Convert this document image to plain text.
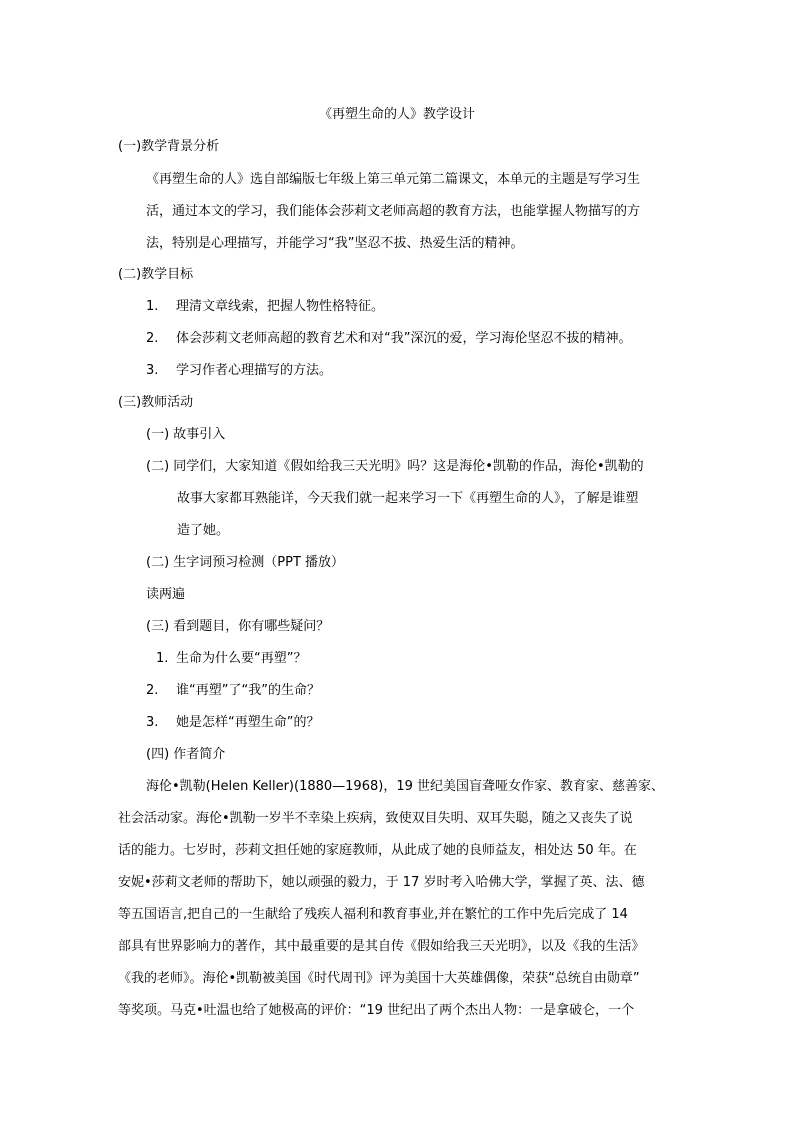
《再塑生命的人》教学设计
(一)教学背景分析
《再塑生命的人》选自部编版七年级上第三单元第二篇课文，本单元的主题是写学习生
活，通过本文的学习，我们能体会莎莉文老师高超的教育方法，也能掌握人物描写的方
法，特别是心理描写，并能学习“我”坚忍不拔、热爱生活的精神。
(二)教学目标
1. 理清文章线索，把握人物性格特征。
2. 体会莎莉文老师高超的教育艺术和对“我”深沉的爱，学习海伦坚忍不拔的精神。
3. 学习作者心理描写的方法。
(三)教师活动
(一) 故事引入
(二) 同学们，大家知道《假如给我三天光明》吗？这是海伦•凯勒的作品，海伦•凯勒的
故事大家都耳熟能详，今天我们就一起来学习一下《再塑生命的人》，了解是谁塑
造了她。
(二) 生字词预习检测（PPT 播放）
读两遍
(三) 看到题目，你有哪些疑问？
1. 生命为什么要“再塑”？
2. 谁“再塑”了“我”的生命？
3. 她是怎样“再塑生命”的？
(四) 作者简介
海伦•凯勒(Helen Keller)(1880—1968)，19 世纪美国盲聋哑女作家、教育家、慈善家、
社会活动家。海伦•凯勒一岁半不幸染上疾病，致使双目失明、双耳失聪，随之又丧失了说
话的能力。七岁时，莎莉文担任她的家庭教师，从此成了她的良师益友，相处达 50 年。在
安妮•莎莉文老师的帮助下，她以顽强的毅力，于 17 岁时考入哈佛大学，掌握了英、法、德
等五国语言,把自己的一生献给了残疾人福利和教育事业,并在繁忙的工作中先后完成了 14
部具有世界影响力的著作，其中最重要的是其自传《假如给我三天光明》，以及《我的生活》
《我的老师》。海伦•凯勒被美国《时代周刊》评为美国十大英雄偶像，荣获“总统自由勋章”
等奖项。马克•吐温也给了她极高的评价：“19 世纪出了两个杰出人物：一是拿破仑，一个
